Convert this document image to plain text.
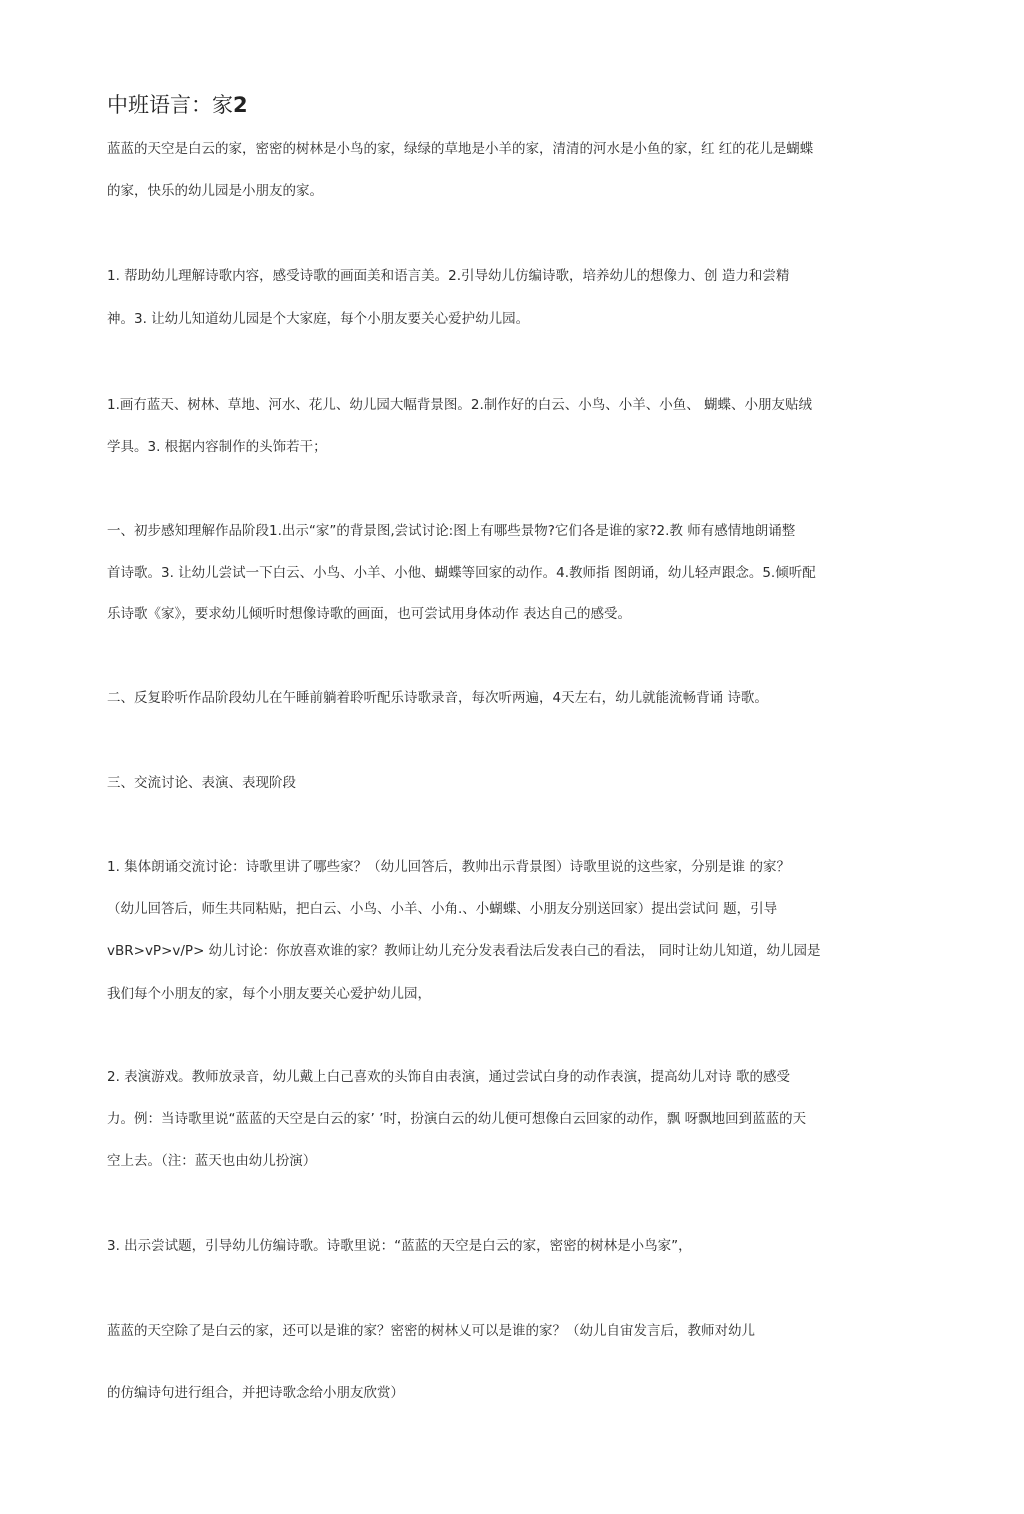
中班语言：家2
蓝蓝的天空是白云的家，密密的树林是小鸟的家，绿绿的草地是小羊的家，清清的河水是小鱼的家，红 红的花儿是蝴蝶
的家，快乐的幼儿园是小朋友的家。
1. 帮助幼儿理解诗歌内容，感受诗歌的画面美和语言美。2.引导幼儿仿编诗歌，培养幼儿的想像力、创 造力和尝精
神。3. 让幼儿知道幼儿园是个大家庭，每个小朋友要关心爱护幼儿园。
1.画冇蓝天、树林、草地、河水、花儿、幼儿园大幅背景图。2.制作好的白云、小鸟、小羊、小鱼、 蝴蝶、小朋友贴绒
学具。3. 根据内容制作的头饰若干；
一、初步感知理解作品阶段1.出示“家”的背景图,尝试讨论:图上有哪些景物?它们各是谁的家?2.教 师有感情地朗诵整
首诗歌。3. 让幼儿尝试一下白云、小鸟、小羊、小他、蝴蝶等回家的动作。4.教师指 图朗诵，幼儿轻声跟念。5.倾听配
乐诗歌《家》，要求幼儿倾听时想像诗歌的画面，也可尝试用身体动作 表达自己的感受。
二、反复聆听作品阶段幼儿在午睡前躺着聆听配乐诗歌录音，每次听两遍，4天左右，幼儿就能流畅背诵 诗歌。
三、交流讨论、表演、表现阶段
1. 集体朗诵交流讨论：诗歌里讲了哪些家？（幼儿回答后，教帅出示背景图）诗歌里说的这些家，分别是谁 的家？
（幼儿回答后，师生共同粘贴，把白云、小鸟、小羊、小角.、小蝴蝶、小朋友分别送回家）提出尝试问 题，引导
vBR>vP>v/P> 幼儿讨论：你放喜欢谁的家？教师让幼儿充分发表看法后发表白己的看法， 同时让幼儿知道，幼儿园是
我们每个小朋友的家，每个小朋友要关心爱护幼儿园，
2. 表演游戏。教师放录音，幼儿戴上白己喜欢的头饰自由表演，通过尝试白身的动作表演，提高幼儿对诗 歌的感受
力。例：当诗歌里说“蓝蓝的天空是白云的家’ ’时，扮演白云的幼儿便可想像白云回家的动作，飘 呀飘地回到蓝蓝的天
空上去。（注：蓝天也由幼儿扮演）
3. 出示尝试题，引导幼儿仿编诗歌。诗歌里说：“蓝蓝的天空是白云的家，密密的树林是小鸟家”，
蓝蓝的天空除了是白云的家，还可以是谁的家？密密的树林乂可以是谁的家？（幼儿自宙发言后，教师对幼儿
的仿编诗句进行组合，并把诗歌念给小朋友欣赏）
